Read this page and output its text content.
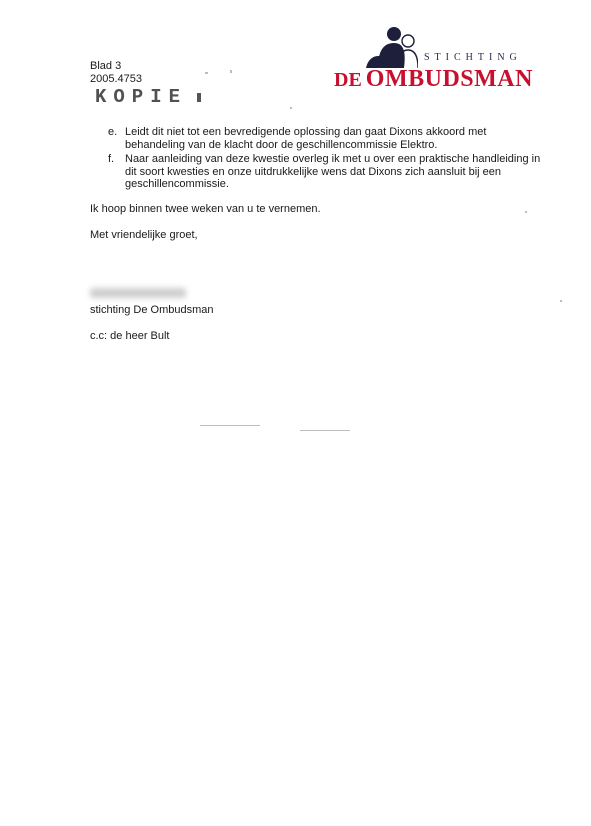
Blad 3
2005.4753
KOPIE
STICHTING
DE OMBUDSMAN
e. Leidt dit niet tot een bevredigende oplossing dan gaat Dixons akkoord met behandeling van de klacht door de geschillencommissie Elektro.
f. Naar aanleiding van deze kwestie overleg ik met u over een praktische handleiding in dit soort kwesties en onze uitdrukkelijke wens dat Dixons zich aansluit bij een geschillencommissie.
Ik hoop binnen twee weken van u te vernemen.
Met vriendelijke groet,
stichting De Ombudsman
c.c: de heer Bult
